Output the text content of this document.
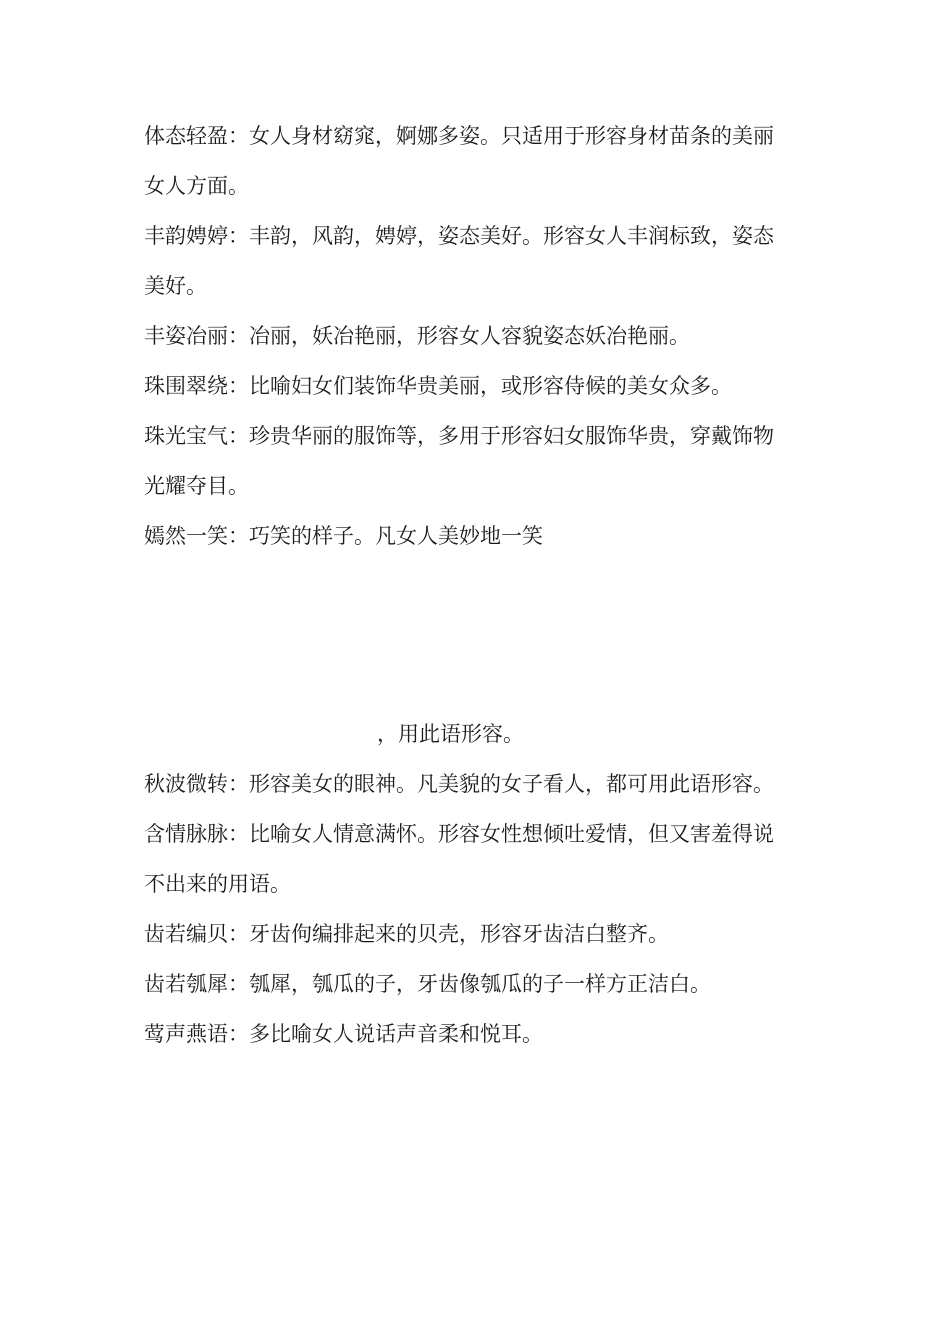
体态轻盈：女人身材窈窕，婀娜多姿。只适用于形容身材苗条的美丽
女人方面。
丰韵娉婷：丰韵，风韵，娉婷，姿态美好。形容女人丰润标致，姿态
美好。
丰姿冶丽：冶丽，妖冶艳丽，形容女人容貌姿态妖冶艳丽。
珠围翠绕：比喻妇女们装饰华贵美丽，或形容侍候的美女众多。
珠光宝气：珍贵华丽的服饰等，多用于形容妇女服饰华贵，穿戴饰物
光耀夺目。
嫣然一笑：巧笑的样子。凡女人美妙地一笑
，用此语形容。
秋波微转：形容美女的眼神。凡美貌的女子看人，都可用此语形容。
含情脉脉：比喻女人情意满怀。形容女性想倾吐爱情，但又害羞得说
不出来的用语。
齿若编贝：牙齿佝编排起来的贝壳，形容牙齿洁白整齐。
齿若瓠犀：瓠犀，瓠瓜的子，牙齿像瓠瓜的子一样方正洁白。
莺声燕语：多比喻女人说话声音柔和悦耳。
